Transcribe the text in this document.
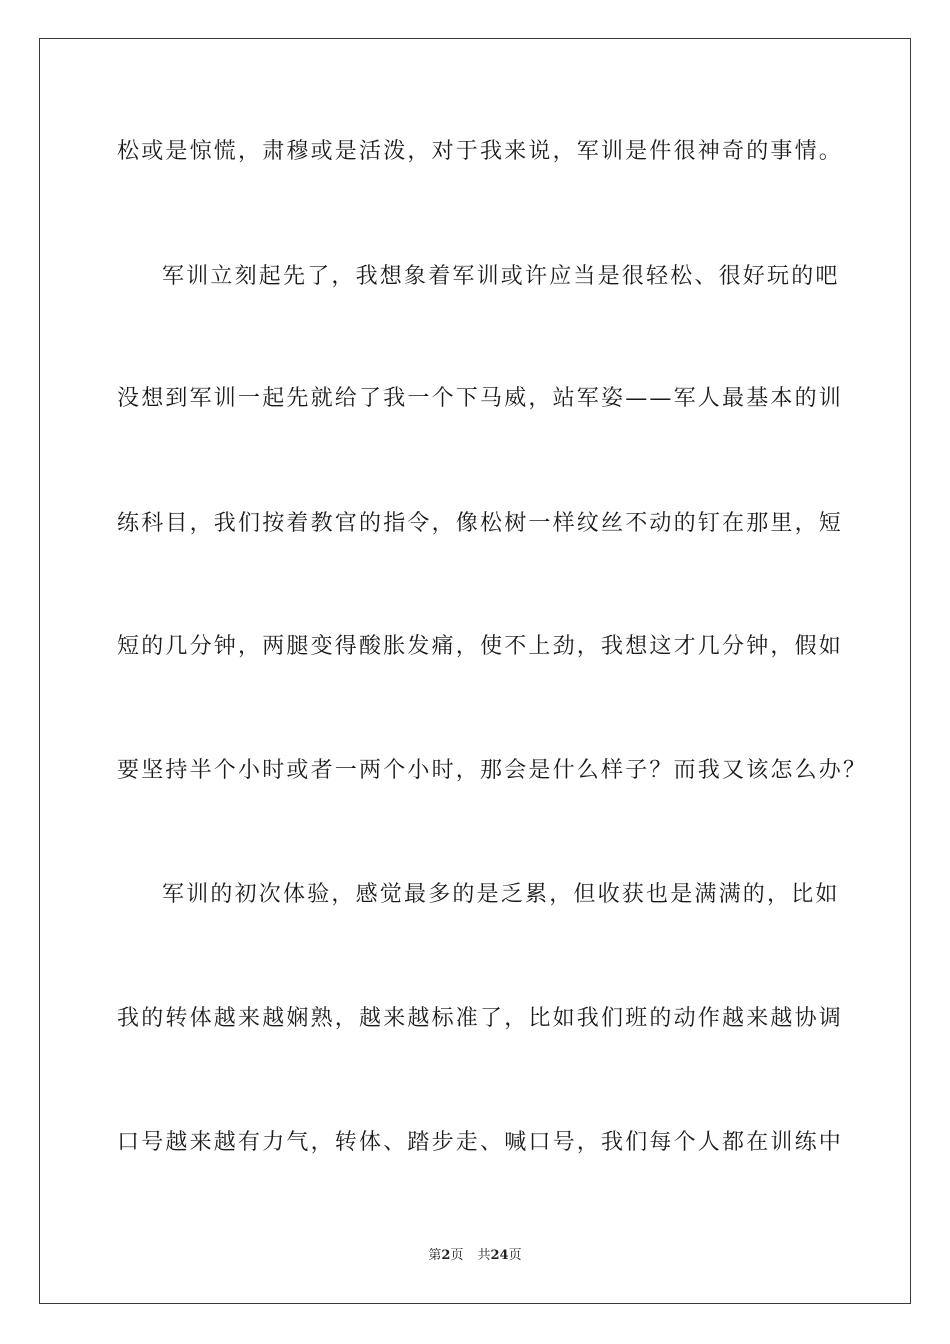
松或是惊慌，肃穆或是活泼，对于我来说，军训是件很神奇的事情。
军训立刻起先了，我想象着军训或许应当是很轻松、很好玩的吧
没想到军训一起先就给了我一个下马威，站军姿——军人最基本的训
练科目，我们按着教官的指令，像松树一样纹丝不动的钉在那里，短
短的几分钟，两腿变得酸胀发痛，使不上劲，我想这才几分钟，假如
要坚持半个小时或者一两个小时，那会是什么样子？而我又该怎么办？
军训的初次体验，感觉最多的是乏累，但收获也是满满的，比如
我的转体越来越娴熟，越来越标准了，比如我们班的动作越来越协调
口号越来越有力气，转体、踏步走、喊口号，我们每个人都在训练中
第2页 共24页
